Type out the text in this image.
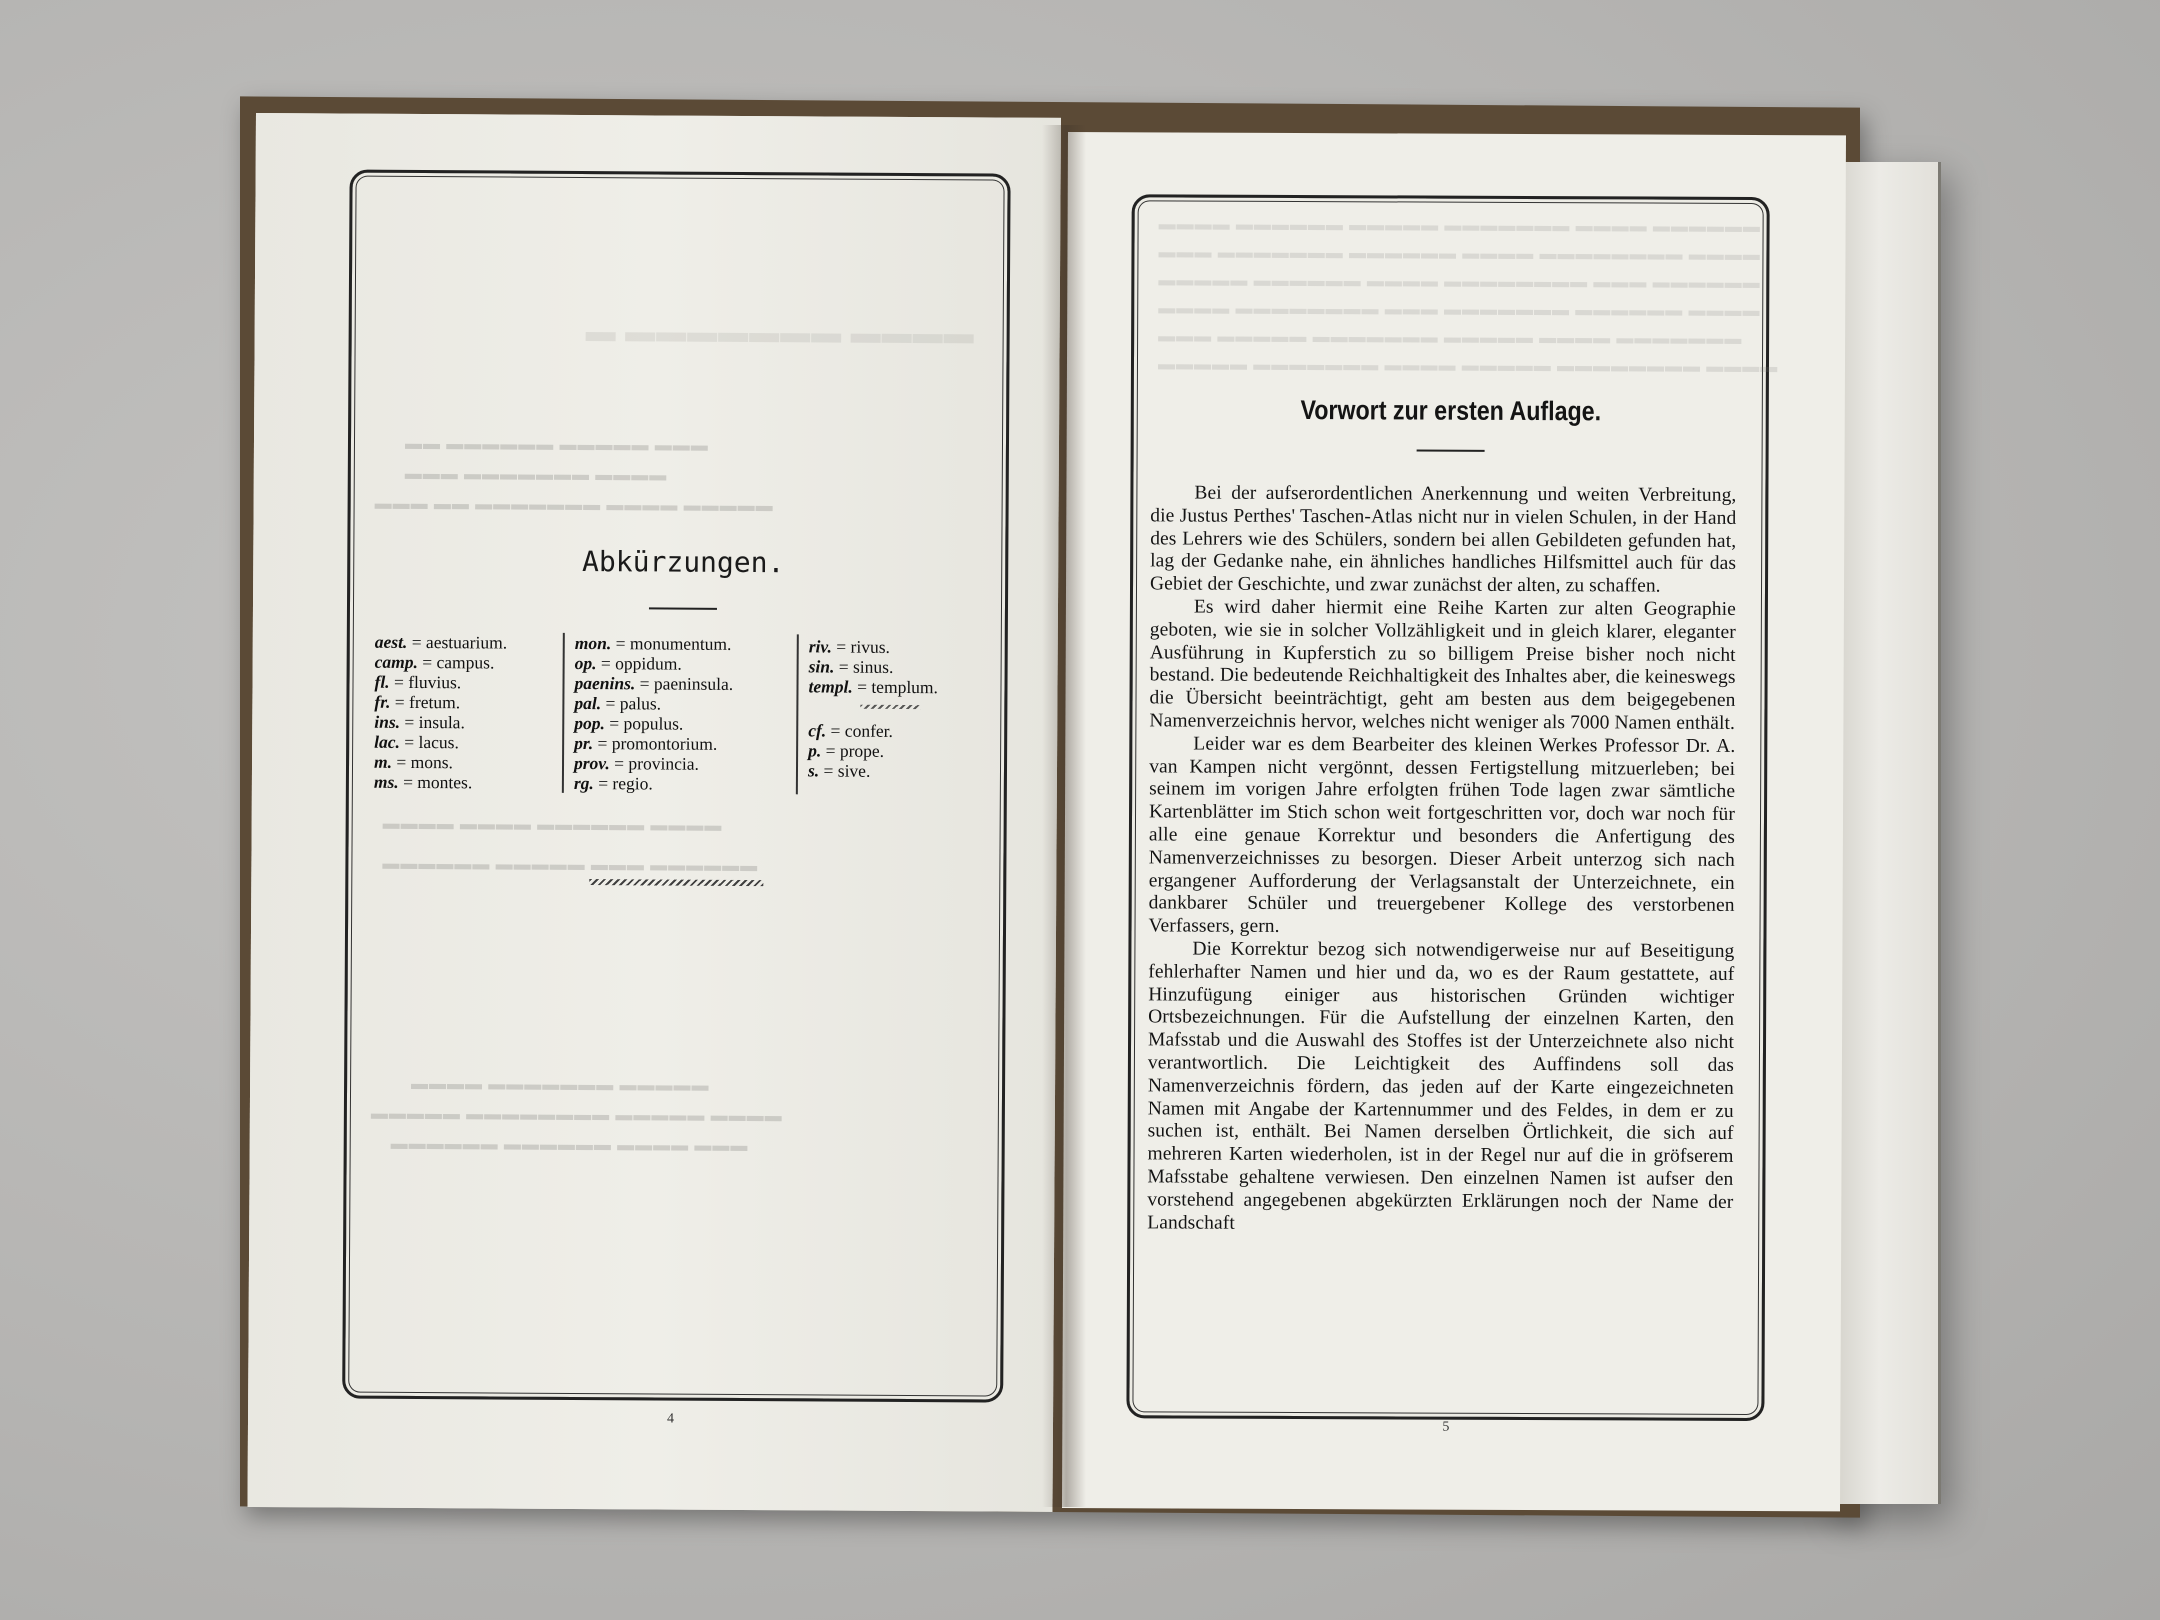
▬▬▬▬ ▬▬▬▬▬▬▬ ▬
▬▬▬ ▬▬▬▬▬ ▬▬▬▬▬▬ ▬▬
▬▬▬▬ ▬▬▬▬▬▬▬ ▬▬▬
▬▬▬▬▬ ▬▬▬▬ ▬▬▬▬▬▬▬ ▬▬ ▬▬▬
▬▬▬▬ ▬▬▬▬▬▬ ▬▬▬▬ ▬▬▬▬
▬▬▬▬▬▬ ▬▬▬ ▬▬▬▬▬ ▬▬▬▬▬▬
▬▬▬▬▬ ▬▬▬▬▬▬▬ ▬▬▬▬
▬▬▬▬ ▬▬▬▬▬ ▬▬▬▬▬▬▬▬ ▬▬▬▬▬
▬▬▬ ▬▬▬▬ ▬▬▬▬▬▬ ▬▬▬▬▬▬
Abkürzungen.
aest. = aestuarium.
camp. = campus.
fl. = fluvius.
fr. = fretum.
ins. = insula.
lac. = lacus.
m. = mons.
ms. = montes.
mon. = monumentum.
op. = oppidum.
paenins. = paeninsula.
pal. = palus.
pop. = populus.
pr. = promontorium.
prov. = provincia.
rg. = regio.
riv. = rivus.
sin. = sinus.
templ. = templum.
cf. = confer.
p. = prope.
s. = sive.
4
▬▬▬▬▬▬ ▬▬▬▬ ▬▬▬▬▬▬▬ ▬▬▬▬▬ ▬▬▬▬▬▬ ▬▬▬▬
▬▬▬▬ ▬▬▬▬▬▬▬▬ ▬▬▬▬ ▬▬▬▬▬▬ ▬▬▬▬▬▬▬ ▬▬▬
▬▬▬▬▬▬ ▬▬▬ ▬▬▬▬▬▬▬▬ ▬▬▬▬ ▬▬▬▬▬▬ ▬▬▬▬▬
▬▬▬▬ ▬▬▬▬▬▬ ▬▬▬▬▬▬▬ ▬▬▬ ▬▬▬▬▬▬▬▬ ▬▬▬▬
▬▬▬▬▬▬▬ ▬▬▬▬ ▬▬▬▬▬ ▬▬▬▬▬▬▬ ▬▬▬▬▬ ▬▬▬
▬▬▬▬ ▬▬▬▬▬▬▬▬ ▬▬▬▬▬ ▬▬▬▬ ▬▬▬▬▬▬▬ ▬▬▬▬▬
Vorwort zur ersten Auflage.

Bei der aufserordentlichen Anerkennung und weiten Verbreitung, die Justus Perthes' Taschen-Atlas nicht nur in vielen Schulen, in der Hand des Lehrers wie des Schülers, sondern bei allen Gebildeten gefunden hat, lag der Gedanke nahe, ein ähnliches handliches Hilfsmittel auch für das Gebiet der Geschichte, und zwar zunächst der alten, zu schaffen.

Es wird daher hiermit eine Reihe Karten zur alten Geographie geboten, wie sie in solcher Vollzähligkeit und in gleich klarer, eleganter Ausführung in Kupferstich zu so billigem Preise bisher noch nicht bestand. Die bedeutende Reichhaltigkeit des Inhaltes aber, die keineswegs die Übersicht beeinträchtigt, geht am besten aus dem beigegebenen Namenverzeichnis hervor, welches nicht weniger als 7000 Namen enthält.

Leider war es dem Bearbeiter des kleinen Werkes Professor Dr. A. van Kampen nicht vergönnt, dessen Fertigstellung mitzuerleben; bei seinem im vorigen Jahre erfolgten frühen Tode lagen zwar sämtliche Kartenblätter im Stich schon weit fortgeschritten vor, doch war noch für alle eine genaue Korrektur und besonders die Anfertigung des Namenverzeichnisses zu besorgen. Dieser Arbeit unterzog sich nach ergangener Aufforderung der Verlagsanstalt der Unterzeichnete, ein dankbarer Schüler und treuergebener Kollege des verstorbenen Verfassers, gern.

Die Korrektur bezog sich notwendigerweise nur auf Beseitigung fehlerhafter Namen und hier und da, wo es der Raum gestattete, auf Hinzufügung einiger aus historischen Gründen wichtiger Ortsbezeichnungen. Für die Aufstellung der einzelnen Karten, den Mafsstab und die Auswahl des Stoffes ist der Unterzeichnete also nicht verantwortlich. Die Leichtigkeit des Auffindens soll das Namenverzeichnis fördern, das jeden auf der Karte eingezeichneten Namen mit Angabe der Kartennummer und des Feldes, in dem er zu suchen ist, enthält. Bei Namen derselben Örtlichkeit, die sich auf mehreren Karten wiederholen, ist in der Regel nur auf die in gröfserem Mafsstabe gehaltene verwiesen. Den einzelnen Namen ist aufser den vorstehend angegebenen abgekürzten Erklärungen noch der Name der Landschaft

5
